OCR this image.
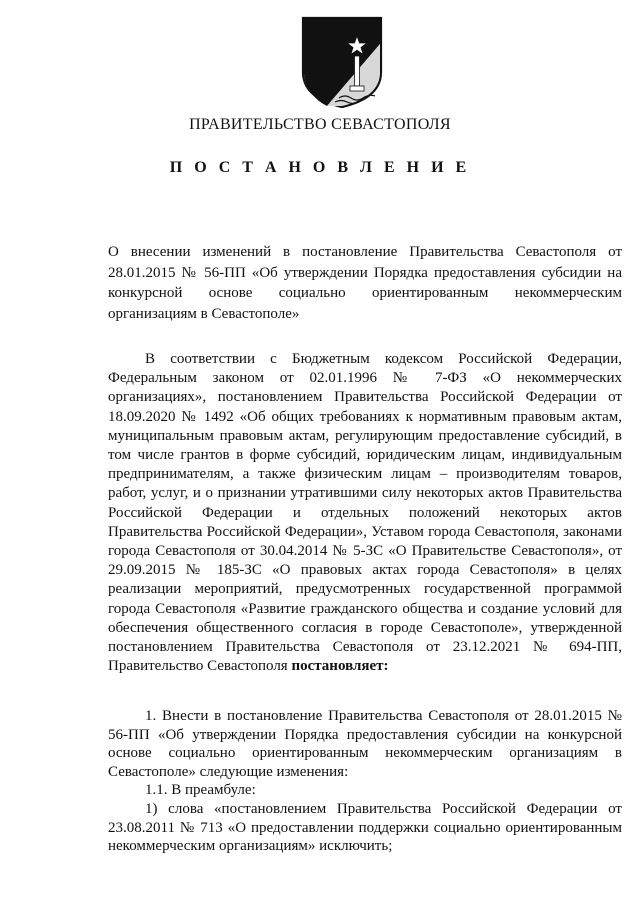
ПРАВИТЕЛЬСТВО СЕВАСТОПОЛЯ
П О С Т А Н О В Л Е Н И Е
О внесении изменений в постановление Правительства Севастополя от 28.01.2015 № 56-ПП «Об утверждении Порядка предоставления субсидии на конкурсной основе социально ориентированным некоммерческим организациям в Севастополе»
В соответствии с Бюджетным кодексом Российской Федерации, Федеральным законом от 02.01.1996 № 7-ФЗ «О некоммерческих организациях», постановлением Правительства Российской Федерации от 18.09.2020 № 1492 «Об общих требованиях к нормативным правовым актам, муниципальным правовым актам, регулирующим предоставление субсидий, в том числе грантов в форме субсидий, юридическим лицам, индивидуальным предпринимателям, а также физическим лицам – производителям товаров, работ, услуг, и о признании утратившими силу некоторых актов Правительства Российской Федерации и отдельных положений некоторых актов Правительства Российской Федерации», Уставом города Севастополя, законами города Севастополя от 30.04.2014 № 5-ЗС «О Правительстве Севастополя», от 29.09.2015 № 185-ЗС «О правовых актах города Севастополя» в целях реализации мероприятий, предусмотренных государственной программой города Севастополя «Развитие гражданского общества и создание условий для обеспечения общественного согласия в городе Севастополе», утвержденной постановлением Правительства Севастополя от 23.12.2021 № 694-ПП, Правительство Севастополя постановляет:

1. Внести в постановление Правительства Севастополя от 28.01.2015 № 56-ПП «Об утверждении Порядка предоставления субсидии на конкурсной основе социально ориентированным некоммерческим организациям в Севастополе» следующие изменения:

1.1. В преамбуле:

1) слова «постановлением Правительства Российской Федерации от 23.08.2011 № 713 «О предоставлении поддержки социально ориентированным некоммерческим организациям» исключить;
